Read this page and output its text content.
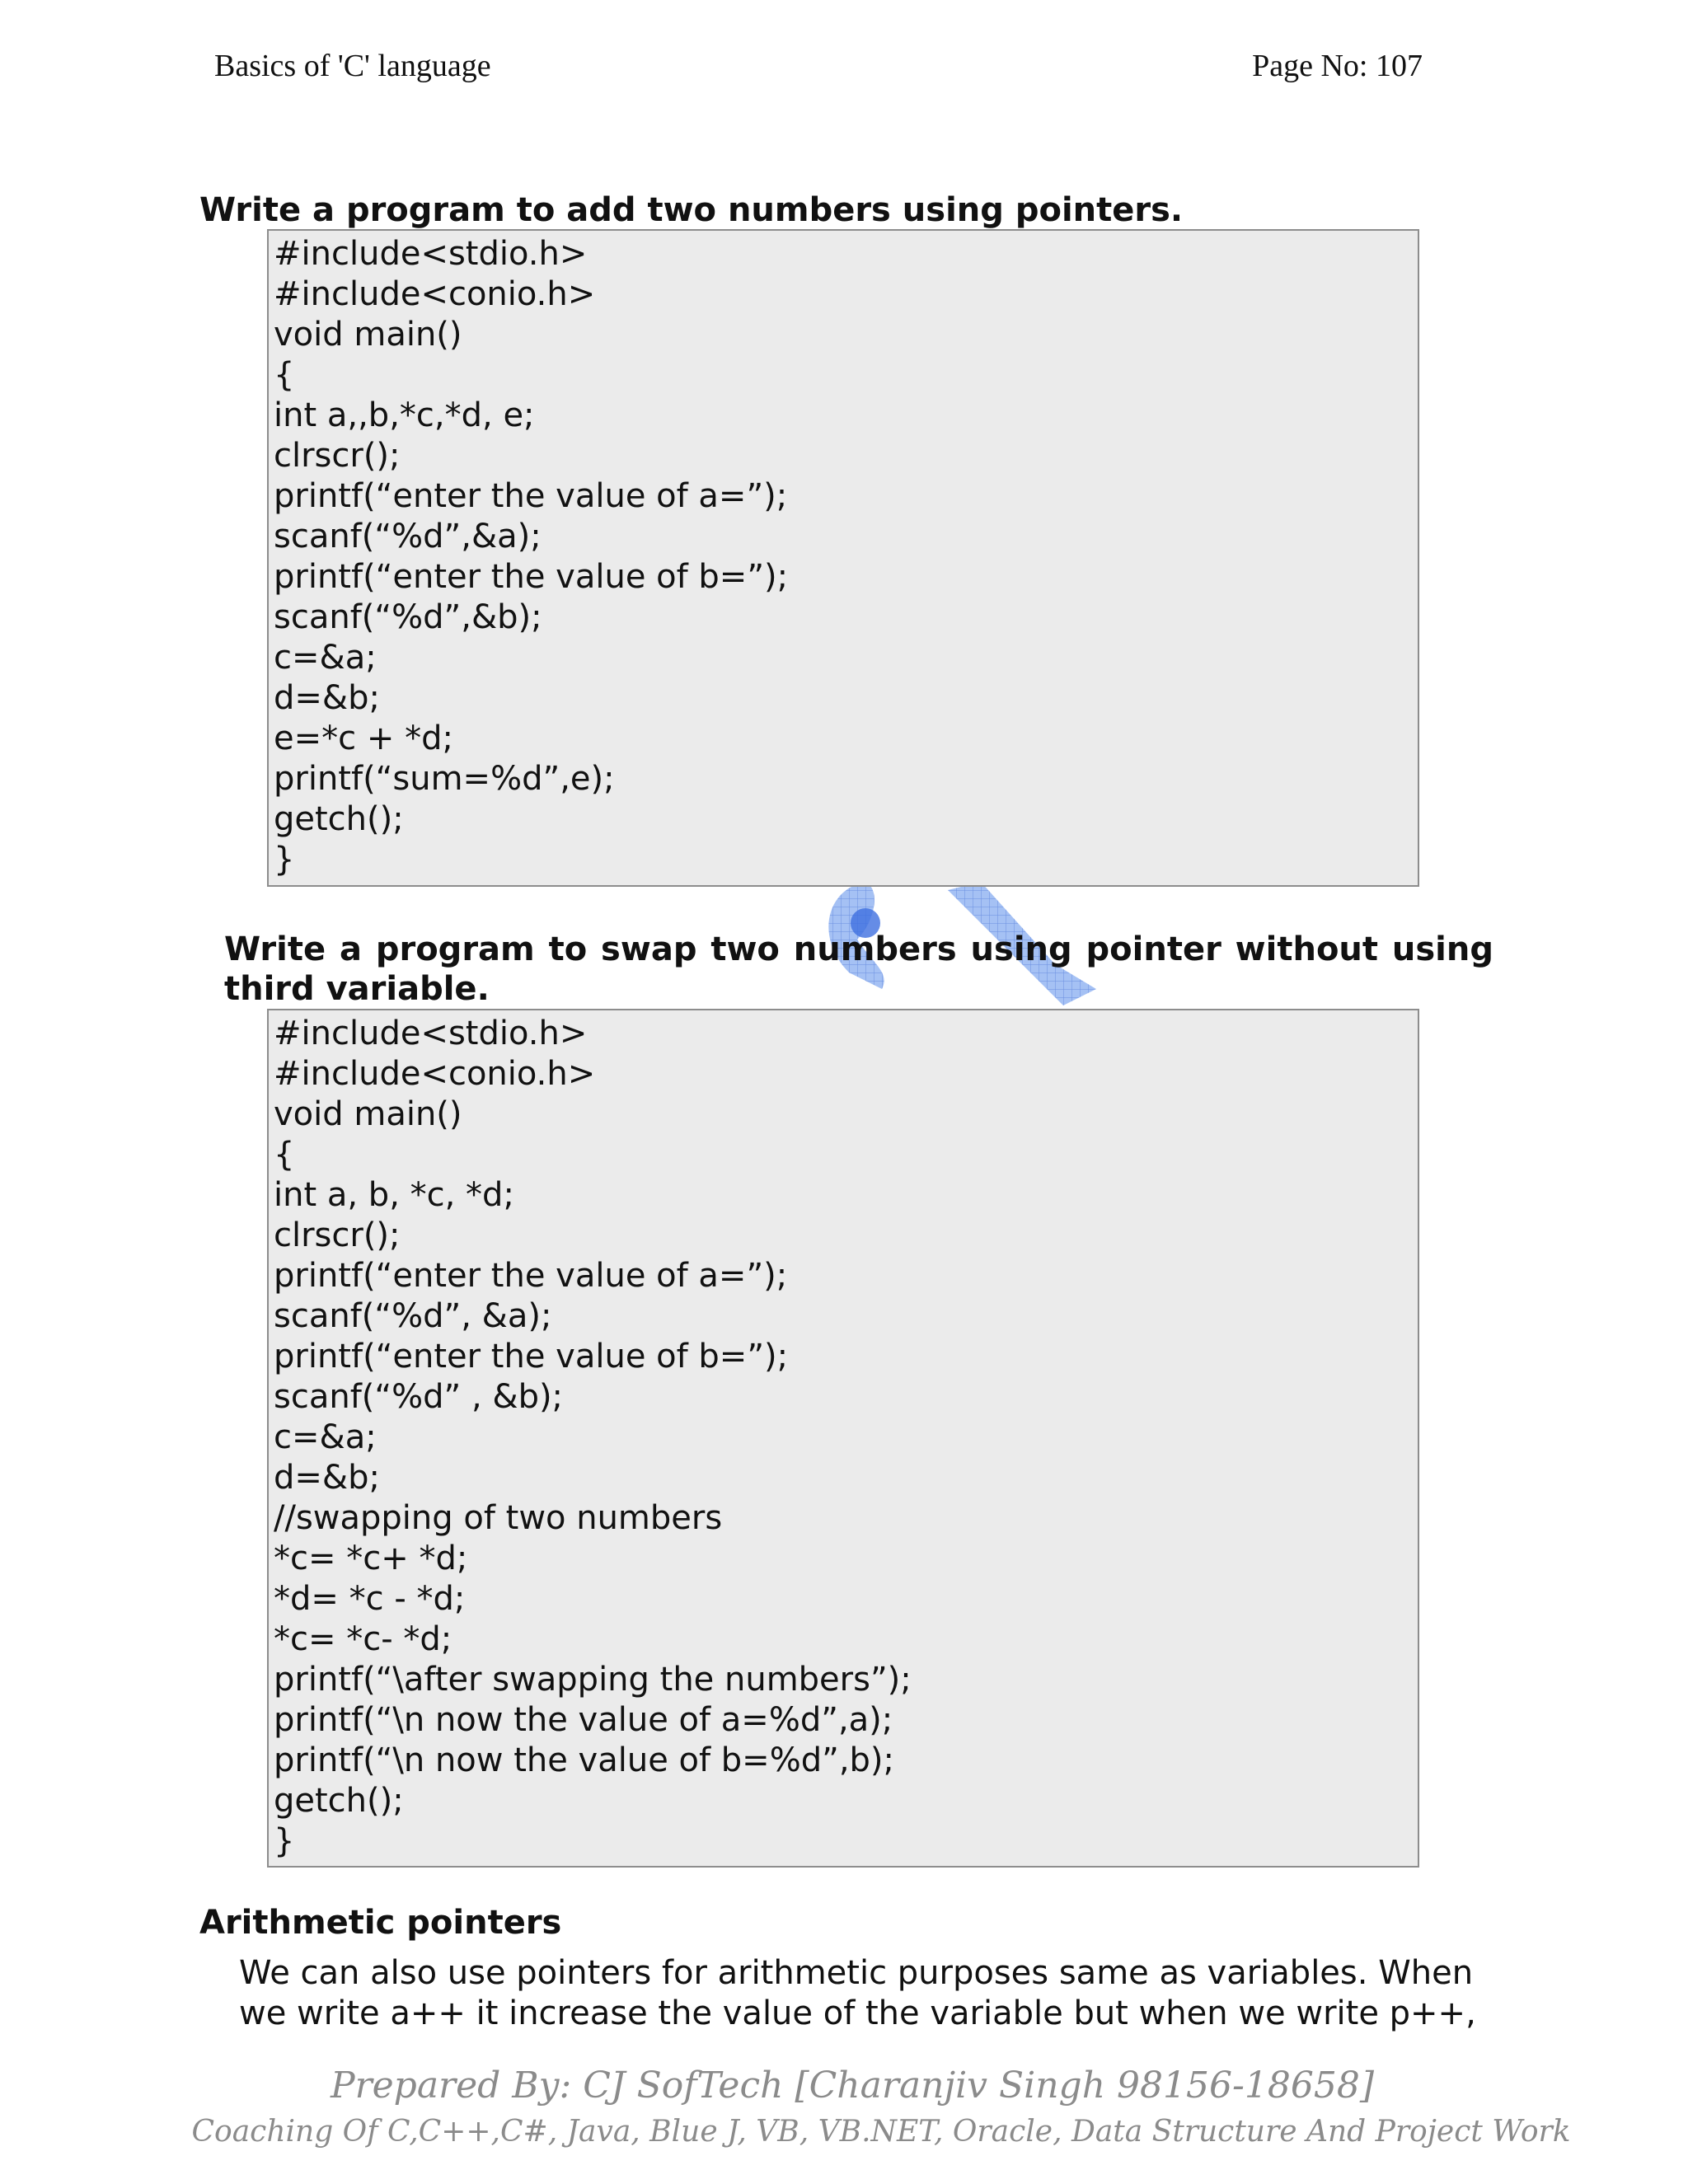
Basics of 'C' language	Page No: 107
Write a program to add two numbers using pointers.
#include<stdio.h>
#include<conio.h>
void main()
{
int a,,b,*c,*d, e;
clrscr();
printf(“enter the value of a=”);
scanf(“%d”,&a);
printf(“enter the value of b=”);
scanf(“%d”,&b);
c=&a;
d=&b;
e=*c + *d;
printf(“sum=%d”,e);
getch();
}
Write a program to swap two numbers using pointer without using third variable.
#include<stdio.h>
#include<conio.h>
void main()
{
int a, b, *c, *d;
clrscr();
printf(“enter the value of a=”);
scanf(“%d”, &a);
printf(“enter the value of b=”);
scanf(“%d” , &b);
c=&a;
d=&b;
//swapping of two numbers
*c= *c+ *d;
*d= *c - *d;
*c= *c- *d;
printf(“\after swapping the numbers”);
printf(“\n now the value of a=%d”,a);
printf(“\n now the value of b=%d”,b);
getch();
}
Arithmetic pointers
We can also use pointers for arithmetic purposes same as variables. When
we write a++ it increase the value of the variable but when we write p++,
Prepared By: CJ SofTech [Charanjiv Singh 98156-18658]
Coaching Of C,C++,C#, Java, Blue J, VB, VB.NET, Oracle, Data Structure And Project Work
